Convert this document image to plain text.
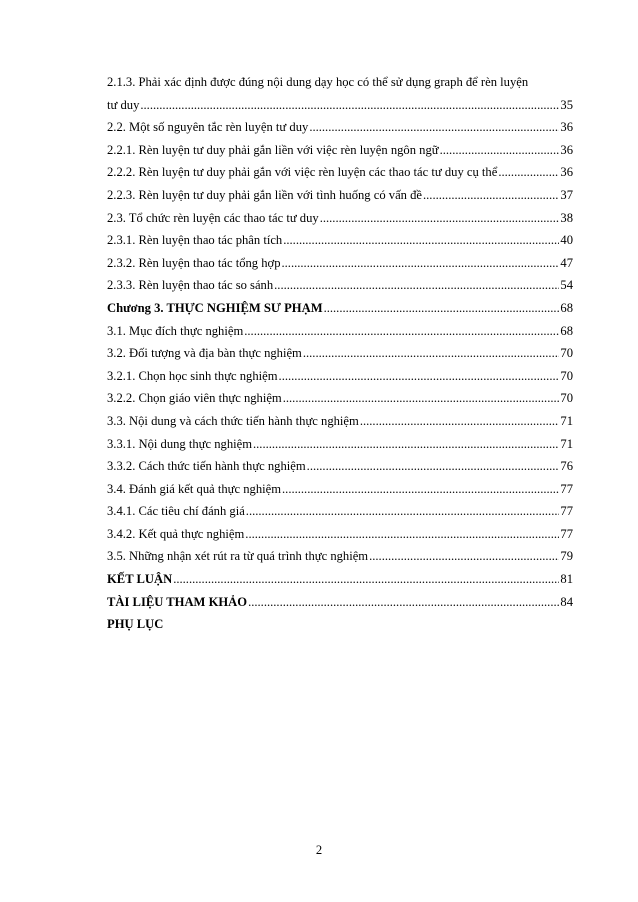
2.1.3. Phải xác định được đúng nội dung dạy học có thể sử dụng graph để rèn luyện
tư duy .....	35
2.2. Một số nguyên tắc rèn luyện tư duy .....	36
2.2.1. Rèn luyện tư duy phải gắn liền với việc rèn luyện ngôn ngữ .....	36
2.2.2. Rèn luyện tư duy phải gắn với việc rèn luyện các thao tác tư duy cụ thể .....	36
2.2.3. Rèn luyện tư duy phải gắn liền với tình huống có vấn đề .....	37
2.3. Tổ chức rèn luyện các thao tác tư duy .....	38
2.3.1. Rèn luyện thao tác phân tích .....	40
2.3.2. Rèn luyện thao tác tổng hợp .....	47
2.3.3. Rèn luyện thao tác so sánh .....	54
Chương 3. THỰC NGHIỆM SƯ PHẠM .....	68
3.1. Mục đích thực nghiệm .....	68
3.2. Đối tượng và địa bàn thực nghiệm .....	70
3.2.1. Chọn học sinh thực nghiệm .....	70
3.2.2. Chọn giáo viên thực nghiệm .....	70
3.3. Nội dung và cách thức tiến hành thực nghiệm .....	71
3.3.1. Nội dung thực nghiệm .....	71
3.3.2. Cách thức tiến hành thực nghiệm .....	76
3.4. Đánh giá kết quả thực nghiệm .....	77
3.4.1. Các tiêu chí đánh giá .....	77
3.4.2. Kết quả thực nghiệm .....	77
3.5. Những nhận xét rút ra từ quá trình thực nghiệm .....	79
KẾT LUẬN .....	81
TÀI LIỆU THAM KHẢO .....	84
PHỤ LỤC
2
